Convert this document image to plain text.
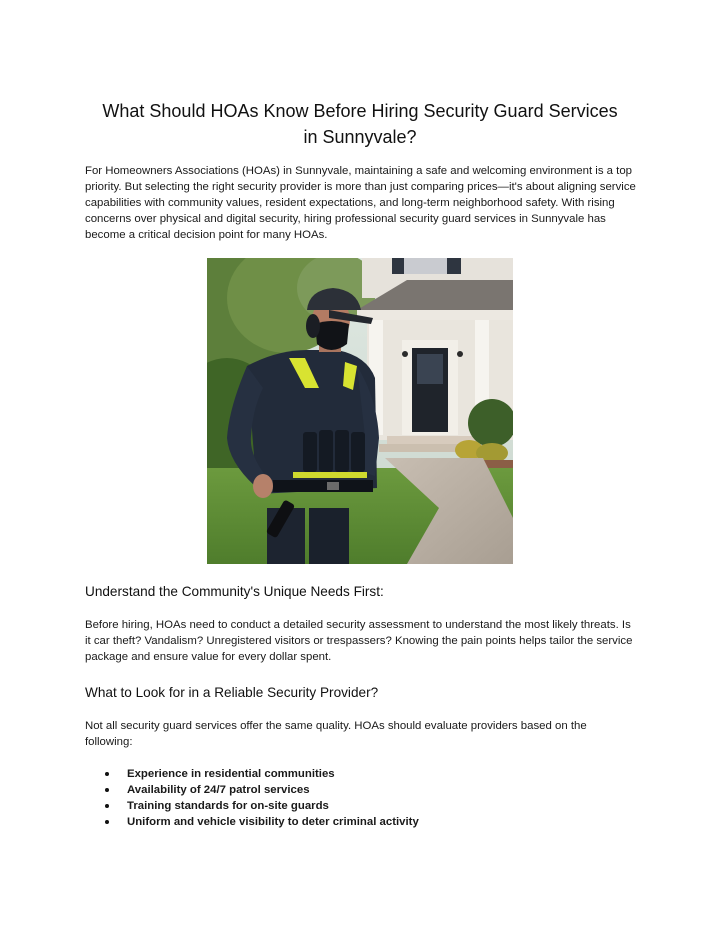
What Should HOAs Know Before Hiring Security Guard Services in Sunnyvale?

For Homeowners Associations (HOAs) in Sunnyvale, maintaining a safe and welcoming environment is a top priority. But selecting the right security provider is more than just comparing prices—it's about aligning service capabilities with community values, resident expectations, and long-term neighborhood safety. With rising concerns over physical and digital security, hiring professional security guard services in Sunnyvale has become a critical decision point for many HOAs.

Understand the Community's Unique Needs First:

Before hiring, HOAs need to conduct a detailed security assessment to understand the most likely threats. Is it car theft? Vandalism? Unregistered visitors or trespassers? Knowing the pain points helps tailor the service package and ensure value for every dollar spent.

What to Look for in a Reliable Security Provider?

Not all security guard services offer the same quality. HOAs should evaluate providers based on the following:

Experience in residential communities
Availability of 24/7 patrol services
Training standards for on-site guards
Uniform and vehicle visibility to deter criminal activity
